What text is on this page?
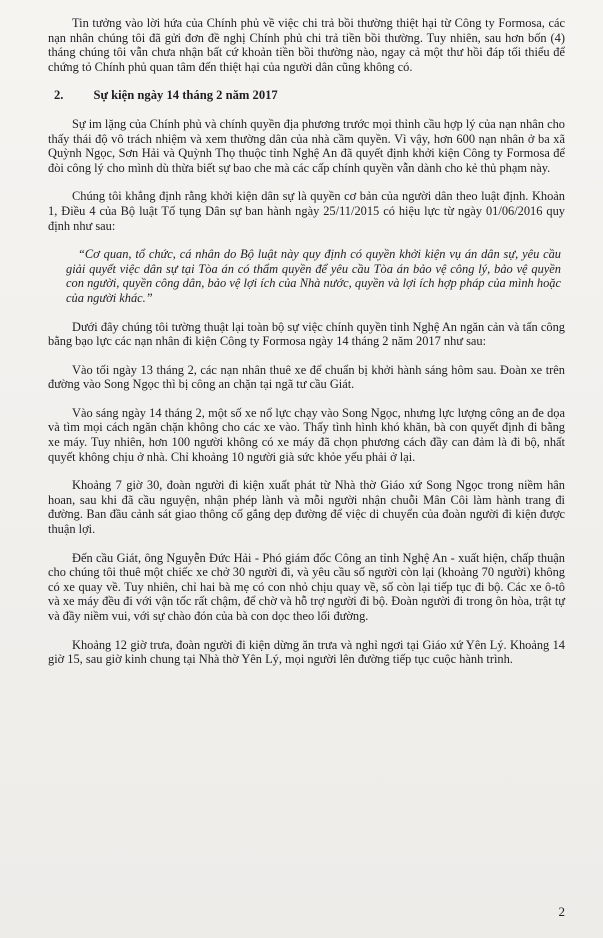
Tin tưởng vào lời hứa của Chính phủ về việc chi trả bồi thường thiệt hại từ Công ty Formosa, các nạn nhân chúng tôi đã gửi đơn đề nghị Chính phủ chi trả tiền bồi thường. Tuy nhiên, sau hơn bốn (4) tháng chúng tôi vẫn chưa nhận bất cứ khoản tiền bồi thường nào, ngay cả một thư hồi đáp tối thiểu để chứng tỏ Chính phủ quan tâm đến thiệt hại của người dân cũng không có.

2. Sự kiện ngày 14 tháng 2 năm 2017

Sự im lặng của Chính phủ và chính quyền địa phương trước mọi thỉnh cầu hợp lý của nạn nhân cho thấy thái độ vô trách nhiệm và xem thường dân của nhà cầm quyền. Vì vậy, hơn 600 nạn nhân ở ba xã Quỳnh Ngọc, Sơn Hải và Quỳnh Thọ thuộc tỉnh Nghệ An đã quyết định khởi kiện Công ty Formosa để đòi công lý cho mình dù thừa biết sự bao che mà các cấp chính quyền vẫn dành cho kẻ thủ phạm này.

Chúng tôi khẳng định rằng khởi kiện dân sự là quyền cơ bản của người dân theo luật định. Khoản 1, Điều 4 của Bộ luật Tố tụng Dân sự ban hành ngày 25/11/2015 có hiệu lực từ ngày 01/06/2016 quy định như sau:

“Cơ quan, tổ chức, cá nhân do Bộ luật này quy định có quyền khởi kiện vụ án dân sự, yêu cầu giải quyết việc dân sự tại Tòa án có thẩm quyền để yêu cầu Tòa án bảo vệ công lý, bảo vệ quyền con người, quyền công dân, bảo vệ lợi ích của Nhà nước, quyền và lợi ích hợp pháp của mình hoặc của người khác.”

Dưới đây chúng tôi tường thuật lại toàn bộ sự việc chính quyền tỉnh Nghệ An ngăn cản và tấn công bằng bạo lực các nạn nhân đi kiện Công ty Formosa ngày 14 tháng 2 năm 2017 như sau:

Vào tối ngày 13 tháng 2, các nạn nhân thuê xe để chuẩn bị khởi hành sáng hôm sau. Đoàn xe trên đường vào Song Ngọc thì bị công an chặn tại ngã tư cầu Giát.

Vào sáng ngày 14 tháng 2, một số xe nổ lực chạy vào Song Ngọc, nhưng lực lượng công an đe dọa và tìm mọi cách ngăn chặn không cho các xe vào. Thấy tình hình khó khăn, bà con quyết định đi bằng xe máy. Tuy nhiên, hơn 100 người không có xe máy đã chọn phương cách đầy can đảm là đi bộ, nhất quyết không chịu ở nhà. Chỉ khoảng 10 người già sức khỏe yếu phải ở lại.

Khoảng 7 giờ 30, đoàn người đi kiện xuất phát từ Nhà thờ Giáo xứ Song Ngọc trong niềm hân hoan, sau khi đã cầu nguyện, nhận phép lành và mỗi người nhận chuỗi Mân Côi làm hành trang đi đường. Ban đầu cảnh sát giao thông cố gắng dẹp đường để việc di chuyển của đoàn người đi kiện được thuận lợi.

Đến cầu Giát, ông Nguyễn Đức Hải - Phó giám đốc Công an tỉnh Nghệ An - xuất hiện, chấp thuận cho chúng tôi thuê một chiếc xe chở 30 người đi, và yêu cầu số người còn lại (khoảng 70 người) không có xe quay về. Tuy nhiên, chỉ hai bà mẹ có con nhỏ chịu quay về, số còn lại tiếp tục đi bộ. Các xe ô-tô và xe máy đều đi với vận tốc rất chậm, để chờ và hỗ trợ người đi bộ. Đoàn người đi trong ôn hòa, trật tự và đầy niềm vui, với sự chào đón của bà con dọc theo lối đường.

Khoảng 12 giờ trưa, đoàn người đi kiện dừng ăn trưa và nghỉ ngơi tại Giáo xứ Yên Lý. Khoảng 14 giờ 15, sau giờ kinh chung tại Nhà thờ Yên Lý, mọi người lên đường tiếp tục cuộc hành trình.

2
